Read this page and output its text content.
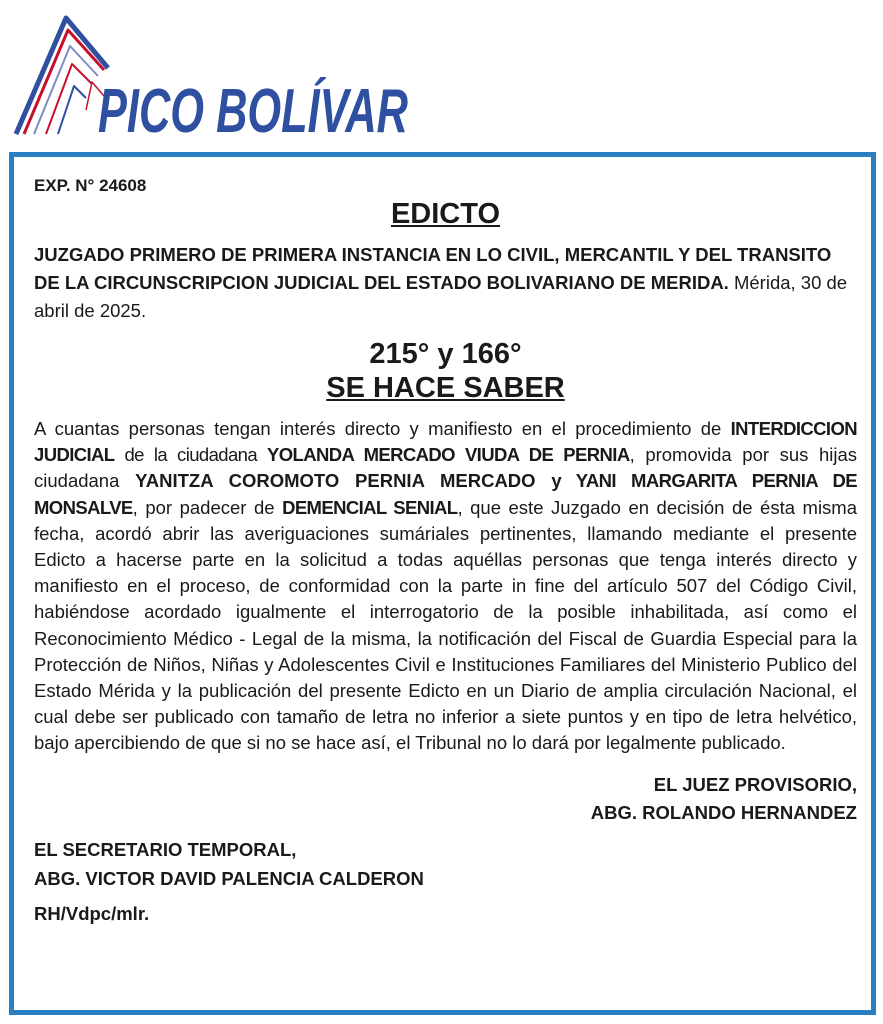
PICO BOLÍVAR

EXP. N° 24608

EDICTO

JUZGADO PRIMERO DE PRIMERA INSTANCIA EN LO CIVIL, MERCANTIL Y DEL TRANSITO DE LA CIRCUNSCRIPCION JUDICIAL DEL ESTADO BOLIVARIANO DE MERIDA. Mérida, 30 de abril de 2025.

215° y 166°

SE HACE SABER

A cuantas personas tengan interés directo y manifiesto en el procedimiento de INTERDICCION JUDICIAL de la ciudadana YOLANDA MERCADO VIUDA DE PERNIA, promovida por sus hijas ciudadana YANITZA COROMOTO PERNIA MERCADO y YANI MARGARITA PERNIA DE MONSALVE, por padecer de DEMENCIAL SENIAL, que este Juzgado en decisión de ésta misma fecha, acordó abrir las averiguaciones sumáriales pertinentes, llamando mediante el presente Edicto a hacerse parte en la solicitud a todas aquéllas personas que tenga interés directo y manifiesto en el proceso, de conformidad con la parte in fine del artículo 507 del Código Civil, habiéndose acordado igualmente el interrogatorio de la posible inhabilitada, así como el Reconocimiento Médico - Legal de la misma, la notificación del Fiscal de Guardia Especial para la Protección de Niños, Niñas y Adolescentes Civil e Instituciones Familiares del Ministerio Publico del Estado Mérida y la publicación del presente Edicto en un Diario de amplia circulación Nacional, el cual debe ser publicado con tamaño de letra no inferior a siete puntos y en tipo de letra helvético, bajo apercibiendo de que si no se hace así, el Tribunal no lo dará por legalmente publicado.

EL JUEZ PROVISORIO,
ABG. ROLANDO HERNANDEZ

EL SECRETARIO TEMPORAL,
ABG. VICTOR DAVID PALENCIA CALDERON

RH/Vdpc/mlr.
